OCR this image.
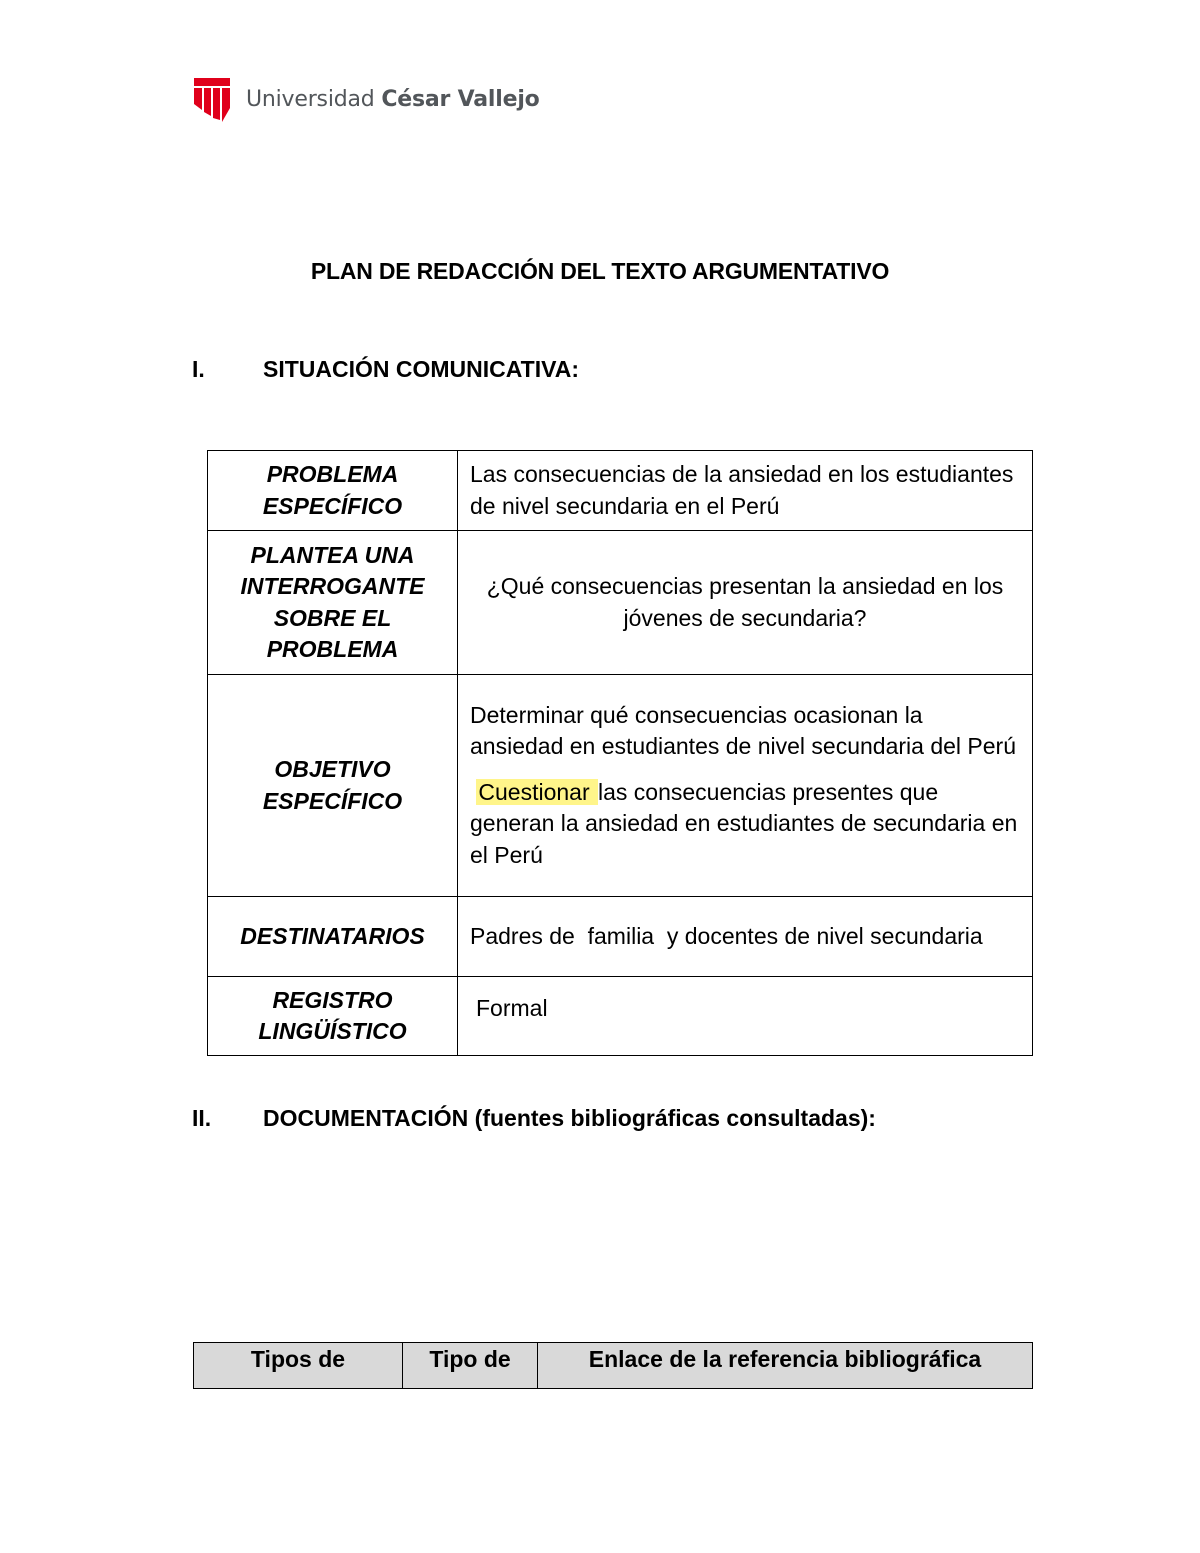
Universidad César Vallejo
PLAN DE REDACCIÓN DEL TEXTO ARGUMENTATIVO
I.	SITUACIÓN COMUNICATIVA:
PROBLEMA ESPECÍFICO	Las consecuencias de la ansiedad en los estudiantes de nivel secundaria en el Perú
PLANTEA UNA INTERROGANTE SOBRE EL PROBLEMA	¿Qué consecuencias presentan la ansiedad en los jóvenes de secundaria?
OBJETIVO ESPECÍFICO	Determinar qué consecuencias ocasionan la ansiedad en estudiantes de nivel secundaria del Perú
Cuestionar las consecuencias presentes que generan la ansiedad en estudiantes de secundaria en el Perú

DESTINATARIOS	Padres de  familia  y docentes de nivel secundaria
REGISTRO LINGÜÍSTICO	Formal
II. DOCUMENTACIÓN (fuentes bibliográficas consultadas):
Tipos de	Tipo de	Enlace de la referencia bibliográfica
